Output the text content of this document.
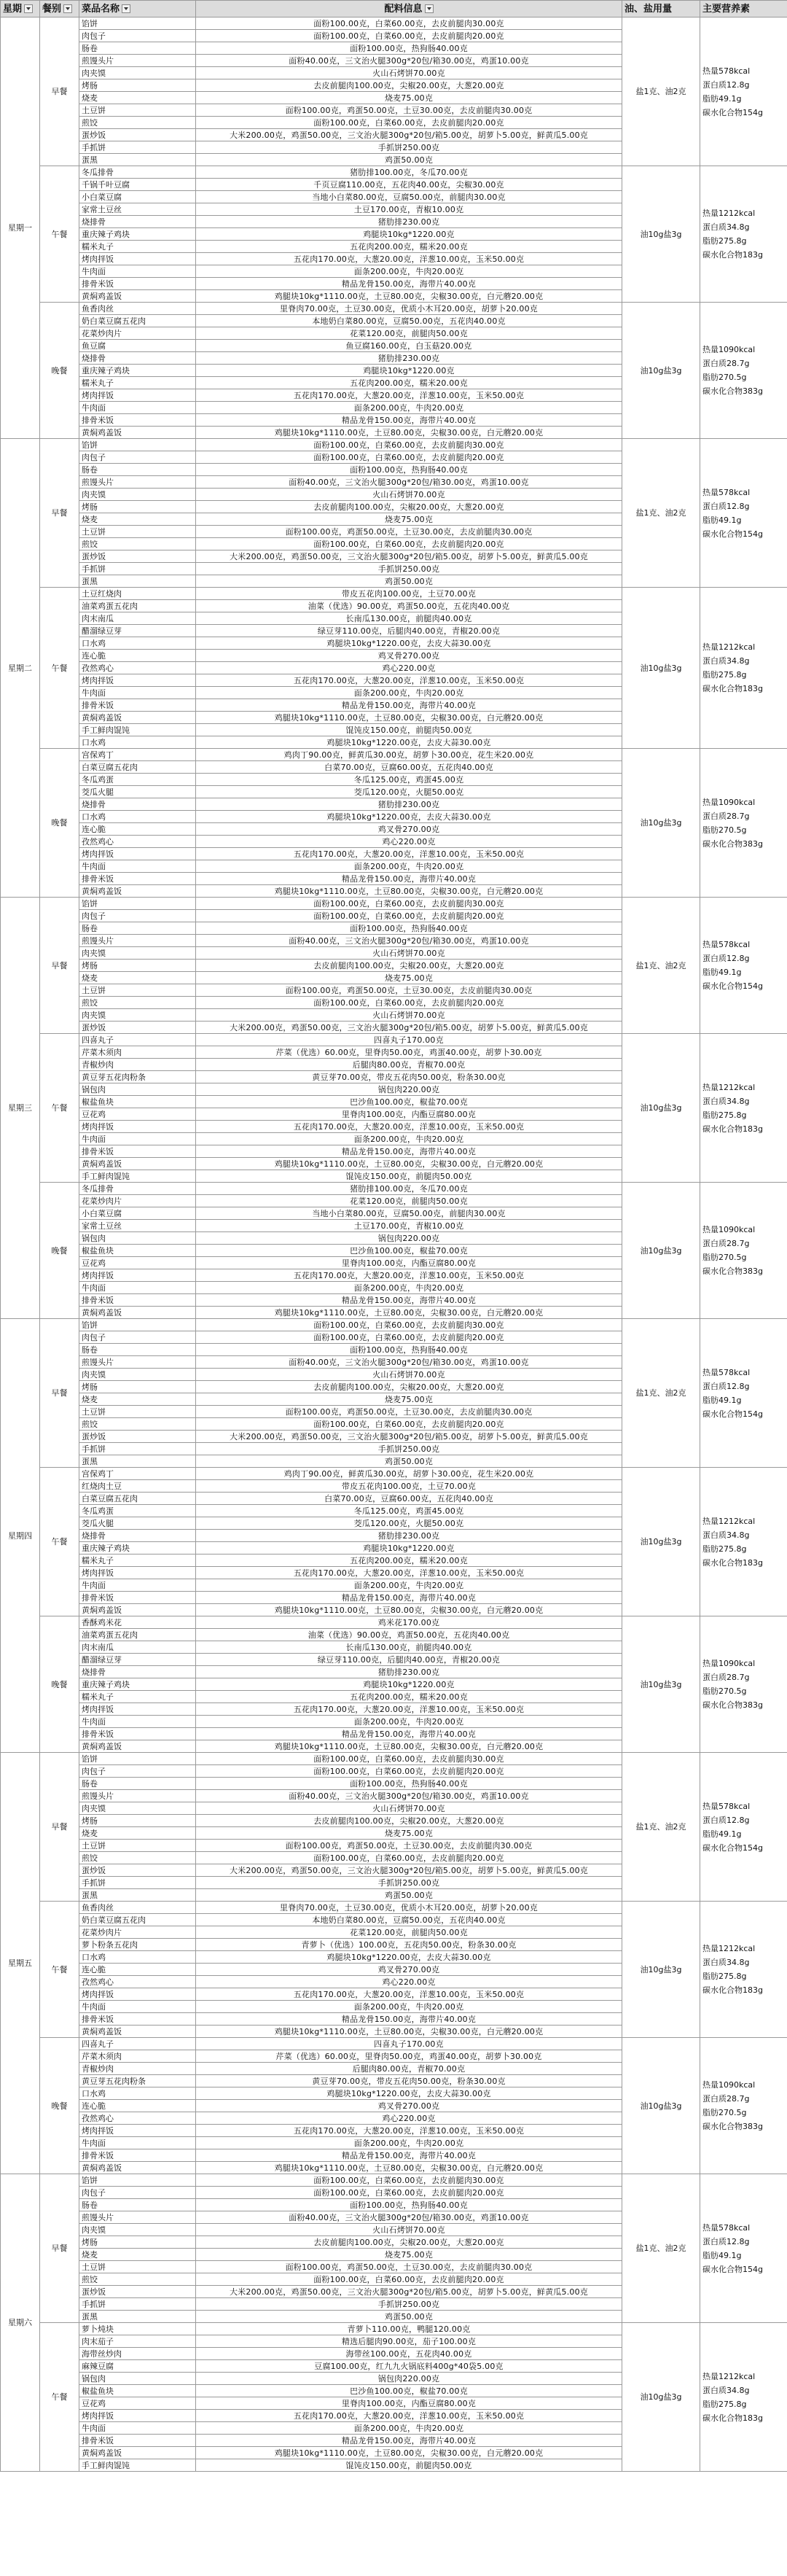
星期	餐别	菜品名称	配料信息	油、盐用量	主要营养素
星期一	早餐	馅饼	面粉100.00克，白菜60.00克，去皮前腿肉30.00克	盐1克、油2克	热量578kcal
蛋白质12.8g
脂肪49.1g
碳水化合物154g

		肉包子	面粉100.00克，白菜60.00克，去皮前腿肉20.00克		
		肠卷	面粉100.00克，热狗肠40.00克		
		煎馒头片	面粉40.00克，三文治火腿300g*20包/箱30.00克，鸡蛋10.00克		
		肉夹馍	火山石烤饼70.00克		
		烤肠	去皮前腿肉100.00克，尖椒20.00克，大葱20.00克		
		烧麦	烧麦75.00克		
		土豆饼	面粉100.00克，鸡蛋50.00克，土豆30.00克，去皮前腿肉30.00克		
		煎饺	面粉100.00克，白菜60.00克，去皮前腿肉20.00克		
		蛋炒饭	大米200.00克，鸡蛋50.00克，三文治火腿300g*20包/箱5.00克，胡萝卜5.00克，鲜黄瓜5.00克		
		手抓饼	手抓饼250.00克		
		蛋黑	鸡蛋50.00克		
	午餐	冬瓜排骨	猪肋排100.00克，冬瓜70.00克	油10g盐3g	热量1212kcal
蛋白质34.8g
脂肪275.8g
碳水化合物183g

		千锅千叶豆腐	千页豆腐110.00克，五花肉40.00克，尖椒30.00克		
		小白菜豆腐	当地小白菜80.00克，豆腐50.00克，前腿肉30.00克		
		家常土豆丝	土豆170.00克，青椒10.00克		
		烧排骨	猪肋排230.00克		
		重庆辣子鸡块	鸡腿块10kg*1220.00克		
		糯米丸子	五花肉200.00克，糯米20.00克		
		烤肉拌饭	五花肉170.00克，大葱20.00克，洋葱10.00克，玉米50.00克		
		牛肉面	面条200.00克，牛肉20.00克		
		排骨米饭	精品龙骨150.00克，海带片40.00克		
		黄焖鸡盖饭	鸡腿块10kg*1110.00克，土豆80.00克，尖椒30.00克，白元蘑20.00克		
	晚餐	鱼香肉丝	里脊肉70.00克，土豆30.00克，优质小木耳20.00克，胡萝卜20.00克	油10g盐3g	热量1090kcal
蛋白质28.7g
脂肪270.5g
碳水化合物383g

		奶白菜豆腐五花肉	本地奶白菜80.00克，豆腐50.00克，五花肉40.00克		
		花菜炒肉片	花菜120.00克，前腿肉50.00克		
		鱼豆腐	鱼豆腐160.00克，白玉菇20.00克		
		烧排骨	猪肋排230.00克		
		重庆辣子鸡块	鸡腿块10kg*1220.00克		
		糯米丸子	五花肉200.00克，糯米20.00克		
		烤肉拌饭	五花肉170.00克，大葱20.00克，洋葱10.00克，玉米50.00克		
		牛肉面	面条200.00克，牛肉20.00克		
		排骨米饭	精品龙骨150.00克，海带片40.00克		
		黄焖鸡盖饭	鸡腿块10kg*1110.00克，土豆80.00克，尖椒30.00克，白元蘑20.00克		
星期二	早餐	馅饼	面粉100.00克，白菜60.00克，去皮前腿肉30.00克	盐1克、油2克	热量578kcal
蛋白质12.8g
脂肪49.1g
碳水化合物154g

		肉包子	面粉100.00克，白菜60.00克，去皮前腿肉20.00克		
		肠卷	面粉100.00克，热狗肠40.00克		
		煎馒头片	面粉40.00克，三文治火腿300g*20包/箱30.00克，鸡蛋10.00克		
		肉夹馍	火山石烤饼70.00克		
		烤肠	去皮前腿肉100.00克，尖椒20.00克，大葱20.00克		
		烧麦	烧麦75.00克		
		土豆饼	面粉100.00克，鸡蛋50.00克，土豆30.00克，去皮前腿肉30.00克		
		煎饺	面粉100.00克，白菜60.00克，去皮前腿肉20.00克		
		蛋炒饭	大米200.00克，鸡蛋50.00克，三文治火腿300g*20包/箱5.00克，胡萝卜5.00克，鲜黄瓜5.00克		
		手抓饼	手抓饼250.00克		
		蛋黑	鸡蛋50.00克		
	午餐	土豆红烧肉	带皮五花肉100.00克，土豆70.00克	油10g盐3g	热量1212kcal
蛋白质34.8g
脂肪275.8g
碳水化合物183g

		油菜鸡蛋五花肉	油菜（优选）90.00克，鸡蛋50.00克，五花肉40.00克		
		肉末南瓜	长南瓜130.00克，前腿肉40.00克		
		醋溜绿豆芽	绿豆芽110.00克，后腿肉40.00克，青椒20.00克		
		口水鸡	鸡腿块10kg*1220.00克，去皮大蒜30.00克		
		连心脆	鸡叉骨270.00克		
		孜然鸡心	鸡心220.00克		
		烤肉拌饭	五花肉170.00克，大葱20.00克，洋葱10.00克，玉米50.00克		
		牛肉面	面条200.00克，牛肉20.00克		
		排骨米饭	精品龙骨150.00克，海带片40.00克		
		黄焖鸡盖饭	鸡腿块10kg*1110.00克，土豆80.00克，尖椒30.00克，白元蘑20.00克		
		手工鲜肉馄饨	馄饨皮150.00克，前腿肉50.00克		
		口水鸡	鸡腿块10kg*1220.00克，去皮大蒜30.00克		
	晚餐	宫保鸡丁	鸡肉丁90.00克，鲜黄瓜30.00克，胡萝卜30.00克，花生米20.00克	油10g盐3g	热量1090kcal
蛋白质28.7g
脂肪270.5g
碳水化合物383g

		白菜豆腐五花肉	白菜70.00克，豆腐60.00克，五花肉40.00克		
		冬瓜鸡蛋	冬瓜125.00克，鸡蛋45.00克		
		茭瓜火腿	茭瓜120.00克，火腿50.00克		
		烧排骨	猪肋排230.00克		
		口水鸡	鸡腿块10kg*1220.00克，去皮大蒜30.00克		
		连心脆	鸡叉骨270.00克		
		孜然鸡心	鸡心220.00克		
		烤肉拌饭	五花肉170.00克，大葱20.00克，洋葱10.00克，玉米50.00克		
		牛肉面	面条200.00克，牛肉20.00克		
		排骨米饭	精品龙骨150.00克，海带片40.00克		
		黄焖鸡盖饭	鸡腿块10kg*1110.00克，土豆80.00克，尖椒30.00克，白元蘑20.00克		
星期三	早餐	馅饼	面粉100.00克，白菜60.00克，去皮前腿肉30.00克	盐1克、油2克	热量578kcal
蛋白质12.8g
脂肪49.1g
碳水化合物154g

		肉包子	面粉100.00克，白菜60.00克，去皮前腿肉20.00克		
		肠卷	面粉100.00克，热狗肠40.00克		
		煎馒头片	面粉40.00克，三文治火腿300g*20包/箱30.00克，鸡蛋10.00克		
		肉夹馍	火山石烤饼70.00克		
		烤肠	去皮前腿肉100.00克，尖椒20.00克，大葱20.00克		
		烧麦	烧麦75.00克		
		土豆饼	面粉100.00克，鸡蛋50.00克，土豆30.00克，去皮前腿肉30.00克		
		煎饺	面粉100.00克，白菜60.00克，去皮前腿肉20.00克		
		肉夹馍	火山石烤饼70.00克		
		蛋炒饭	大米200.00克，鸡蛋50.00克，三文治火腿300g*20包/箱5.00克，胡萝卜5.00克，鲜黄瓜5.00克		
	午餐	四喜丸子	四喜丸子170.00克	油10g盐3g	热量1212kcal
蛋白质34.8g
脂肪275.8g
碳水化合物183g

		芹菜木须肉	芹菜（优选）60.00克，里脊肉50.00克，鸡蛋40.00克，胡萝卜30.00克		
		青椒炒肉	后腿肉80.00克，青椒70.00克		
		黄豆芽五花肉粉条	黄豆芽70.00克，带皮五花肉50.00克，粉条30.00克		
		锅包肉	锅包肉220.00克		
		椒盐鱼块	巴沙鱼100.00克，椒盐70.00克		
		豆花鸡	里脊肉100.00克，内酯豆腐80.00克		
		烤肉拌饭	五花肉170.00克，大葱20.00克，洋葱10.00克，玉米50.00克		
		牛肉面	面条200.00克，牛肉20.00克		
		排骨米饭	精品龙骨150.00克，海带片40.00克		
		黄焖鸡盖饭	鸡腿块10kg*1110.00克，土豆80.00克，尖椒30.00克，白元蘑20.00克		
		手工鲜肉馄饨	馄饨皮150.00克，前腿肉50.00克		
	晚餐	冬瓜排骨	猪肋排100.00克，冬瓜70.00克	油10g盐3g	热量1090kcal
蛋白质28.7g
脂肪270.5g
碳水化合物383g

		花菜炒肉片	花菜120.00克，前腿肉50.00克		
		小白菜豆腐	当地小白菜80.00克，豆腐50.00克，前腿肉30.00克		
		家常土豆丝	土豆170.00克，青椒10.00克		
		锅包肉	锅包肉220.00克		
		椒盐鱼块	巴沙鱼100.00克，椒盐70.00克		
		豆花鸡	里脊肉100.00克，内酯豆腐80.00克		
		烤肉拌饭	五花肉170.00克，大葱20.00克，洋葱10.00克，玉米50.00克		
		牛肉面	面条200.00克，牛肉20.00克		
		排骨米饭	精品龙骨150.00克，海带片40.00克		
		黄焖鸡盖饭	鸡腿块10kg*1110.00克，土豆80.00克，尖椒30.00克，白元蘑20.00克		
星期四	早餐	馅饼	面粉100.00克，白菜60.00克，去皮前腿肉30.00克	盐1克、油2克	热量578kcal
蛋白质12.8g
脂肪49.1g
碳水化合物154g

		肉包子	面粉100.00克，白菜60.00克，去皮前腿肉20.00克		
		肠卷	面粉100.00克，热狗肠40.00克		
		煎馒头片	面粉40.00克，三文治火腿300g*20包/箱30.00克，鸡蛋10.00克		
		肉夹馍	火山石烤饼70.00克		
		烤肠	去皮前腿肉100.00克，尖椒20.00克，大葱20.00克		
		烧麦	烧麦75.00克		
		土豆饼	面粉100.00克，鸡蛋50.00克，土豆30.00克，去皮前腿肉30.00克		
		煎饺	面粉100.00克，白菜60.00克，去皮前腿肉20.00克		
		蛋炒饭	大米200.00克，鸡蛋50.00克，三文治火腿300g*20包/箱5.00克，胡萝卜5.00克，鲜黄瓜5.00克		
		手抓饼	手抓饼250.00克		
		蛋黑	鸡蛋50.00克		
	午餐	宫保鸡丁	鸡肉丁90.00克，鲜黄瓜30.00克，胡萝卜30.00克，花生米20.00克	油10g盐3g	热量1212kcal
蛋白质34.8g
脂肪275.8g
碳水化合物183g

		红烧肉土豆	带皮五花肉100.00克，土豆70.00克		
		白菜豆腐五花肉	白菜70.00克，豆腐60.00克，五花肉40.00克		
		冬瓜鸡蛋	冬瓜125.00克，鸡蛋45.00克		
		茭瓜火腿	茭瓜120.00克，火腿50.00克		
		烧排骨	猪肋排230.00克		
		重庆辣子鸡块	鸡腿块10kg*1220.00克		
		糯米丸子	五花肉200.00克，糯米20.00克		
		烤肉拌饭	五花肉170.00克，大葱20.00克，洋葱10.00克，玉米50.00克		
		牛肉面	面条200.00克，牛肉20.00克		
		排骨米饭	精品龙骨150.00克，海带片40.00克		
		黄焖鸡盖饭	鸡腿块10kg*1110.00克，土豆80.00克，尖椒30.00克，白元蘑20.00克		
	晚餐	香酥鸡米花	鸡米花170.00克	油10g盐3g	热量1090kcal
蛋白质28.7g
脂肪270.5g
碳水化合物383g

		油菜鸡蛋五花肉	油菜（优选）90.00克，鸡蛋50.00克，五花肉40.00克		
		肉末南瓜	长南瓜130.00克，前腿肉40.00克		
		醋溜绿豆芽	绿豆芽110.00克，后腿肉40.00克，青椒20.00克		
		烧排骨	猪肋排230.00克		
		重庆辣子鸡块	鸡腿块10kg*1220.00克		
		糯米丸子	五花肉200.00克，糯米20.00克		
		烤肉拌饭	五花肉170.00克，大葱20.00克，洋葱10.00克，玉米50.00克		
		牛肉面	面条200.00克，牛肉20.00克		
		排骨米饭	精品龙骨150.00克，海带片40.00克		
		黄焖鸡盖饭	鸡腿块10kg*1110.00克，土豆80.00克，尖椒30.00克，白元蘑20.00克		
星期五	早餐	馅饼	面粉100.00克，白菜60.00克，去皮前腿肉30.00克	盐1克、油2克	热量578kcal
蛋白质12.8g
脂肪49.1g
碳水化合物154g

		肉包子	面粉100.00克，白菜60.00克，去皮前腿肉20.00克		
		肠卷	面粉100.00克，热狗肠40.00克		
		煎馒头片	面粉40.00克，三文治火腿300g*20包/箱30.00克，鸡蛋10.00克		
		肉夹馍	火山石烤饼70.00克		
		烤肠	去皮前腿肉100.00克，尖椒20.00克，大葱20.00克		
		烧麦	烧麦75.00克		
		土豆饼	面粉100.00克，鸡蛋50.00克，土豆30.00克，去皮前腿肉30.00克		
		煎饺	面粉100.00克，白菜60.00克，去皮前腿肉20.00克		
		蛋炒饭	大米200.00克，鸡蛋50.00克，三文治火腿300g*20包/箱5.00克，胡萝卜5.00克，鲜黄瓜5.00克		
		手抓饼	手抓饼250.00克		
		蛋黑	鸡蛋50.00克		
	午餐	鱼香肉丝	里脊肉70.00克，土豆30.00克，优质小木耳20.00克，胡萝卜20.00克	油10g盐3g	热量1212kcal
蛋白质34.8g
脂肪275.8g
碳水化合物183g

		奶白菜豆腐五花肉	本地奶白菜80.00克，豆腐50.00克，五花肉40.00克		
		花菜炒肉片	花菜120.00克，前腿肉50.00克		
		萝卜粉条五花肉	青萝卜（优选）100.00克，五花肉50.00克，粉条30.00克		
		口水鸡	鸡腿块10kg*1220.00克，去皮大蒜30.00克		
		连心脆	鸡叉骨270.00克		
		孜然鸡心	鸡心220.00克		
		烤肉拌饭	五花肉170.00克，大葱20.00克，洋葱10.00克，玉米50.00克		
		牛肉面	面条200.00克，牛肉20.00克		
		排骨米饭	精品龙骨150.00克，海带片40.00克		
		黄焖鸡盖饭	鸡腿块10kg*1110.00克，土豆80.00克，尖椒30.00克，白元蘑20.00克		
	晚餐	四喜丸子	四喜丸子170.00克	油10g盐3g	热量1090kcal
蛋白质28.7g
脂肪270.5g
碳水化合物383g

		芹菜木须肉	芹菜（优选）60.00克，里脊肉50.00克，鸡蛋40.00克，胡萝卜30.00克		
		青椒炒肉	后腿肉80.00克，青椒70.00克		
		黄豆芽五花肉粉条	黄豆芽70.00克，带皮五花肉50.00克，粉条30.00克		
		口水鸡	鸡腿块10kg*1220.00克，去皮大蒜30.00克		
		连心脆	鸡叉骨270.00克		
		孜然鸡心	鸡心220.00克		
		烤肉拌饭	五花肉170.00克，大葱20.00克，洋葱10.00克，玉米50.00克		
		牛肉面	面条200.00克，牛肉20.00克		
		排骨米饭	精品龙骨150.00克，海带片40.00克		
		黄焖鸡盖饭	鸡腿块10kg*1110.00克，土豆80.00克，尖椒30.00克，白元蘑20.00克		
星期六	早餐	馅饼	面粉100.00克，白菜60.00克，去皮前腿肉30.00克	盐1克、油2克	热量578kcal
蛋白质12.8g
脂肪49.1g
碳水化合物154g

		肉包子	面粉100.00克，白菜60.00克，去皮前腿肉20.00克		
		肠卷	面粉100.00克，热狗肠40.00克		
		煎馒头片	面粉40.00克，三文治火腿300g*20包/箱30.00克，鸡蛋10.00克		
		肉夹馍	火山石烤饼70.00克		
		烤肠	去皮前腿肉100.00克，尖椒20.00克，大葱20.00克		
		烧麦	烧麦75.00克		
		土豆饼	面粉100.00克，鸡蛋50.00克，土豆30.00克，去皮前腿肉30.00克		
		煎饺	面粉100.00克，白菜60.00克，去皮前腿肉20.00克		
		蛋炒饭	大米200.00克，鸡蛋50.00克，三文治火腿300g*20包/箱5.00克，胡萝卜5.00克，鲜黄瓜5.00克		
		手抓饼	手抓饼250.00克		
		蛋黑	鸡蛋50.00克		
	午餐	萝卜炖块	青萝卜110.00克，鸭腿120.00克	油10g盐3g	热量1212kcal
蛋白质34.8g
脂肪275.8g
碳水化合物183g

		肉末茄子	精选后腿肉90.00克，茄子100.00克		
		海带丝炒肉	海带丝100.00克，五花肉40.00克		
		麻辣豆腐	豆腐100.00克，红九九火锅底料400g*40袋5.00克		
		锅包肉	锅包肉220.00克		
		椒盐鱼块	巴沙鱼100.00克，椒盐70.00克		
		豆花鸡	里脊肉100.00克，内酯豆腐80.00克		
		烤肉拌饭	五花肉170.00克，大葱20.00克，洋葱10.00克，玉米50.00克		
		牛肉面	面条200.00克，牛肉20.00克		
		排骨米饭	精品龙骨150.00克，海带片40.00克		
		黄焖鸡盖饭	鸡腿块10kg*1110.00克，土豆80.00克，尖椒30.00克，白元蘑20.00克		
		手工鲜肉馄饨	馄饨皮150.00克，前腿肉50.00克		
